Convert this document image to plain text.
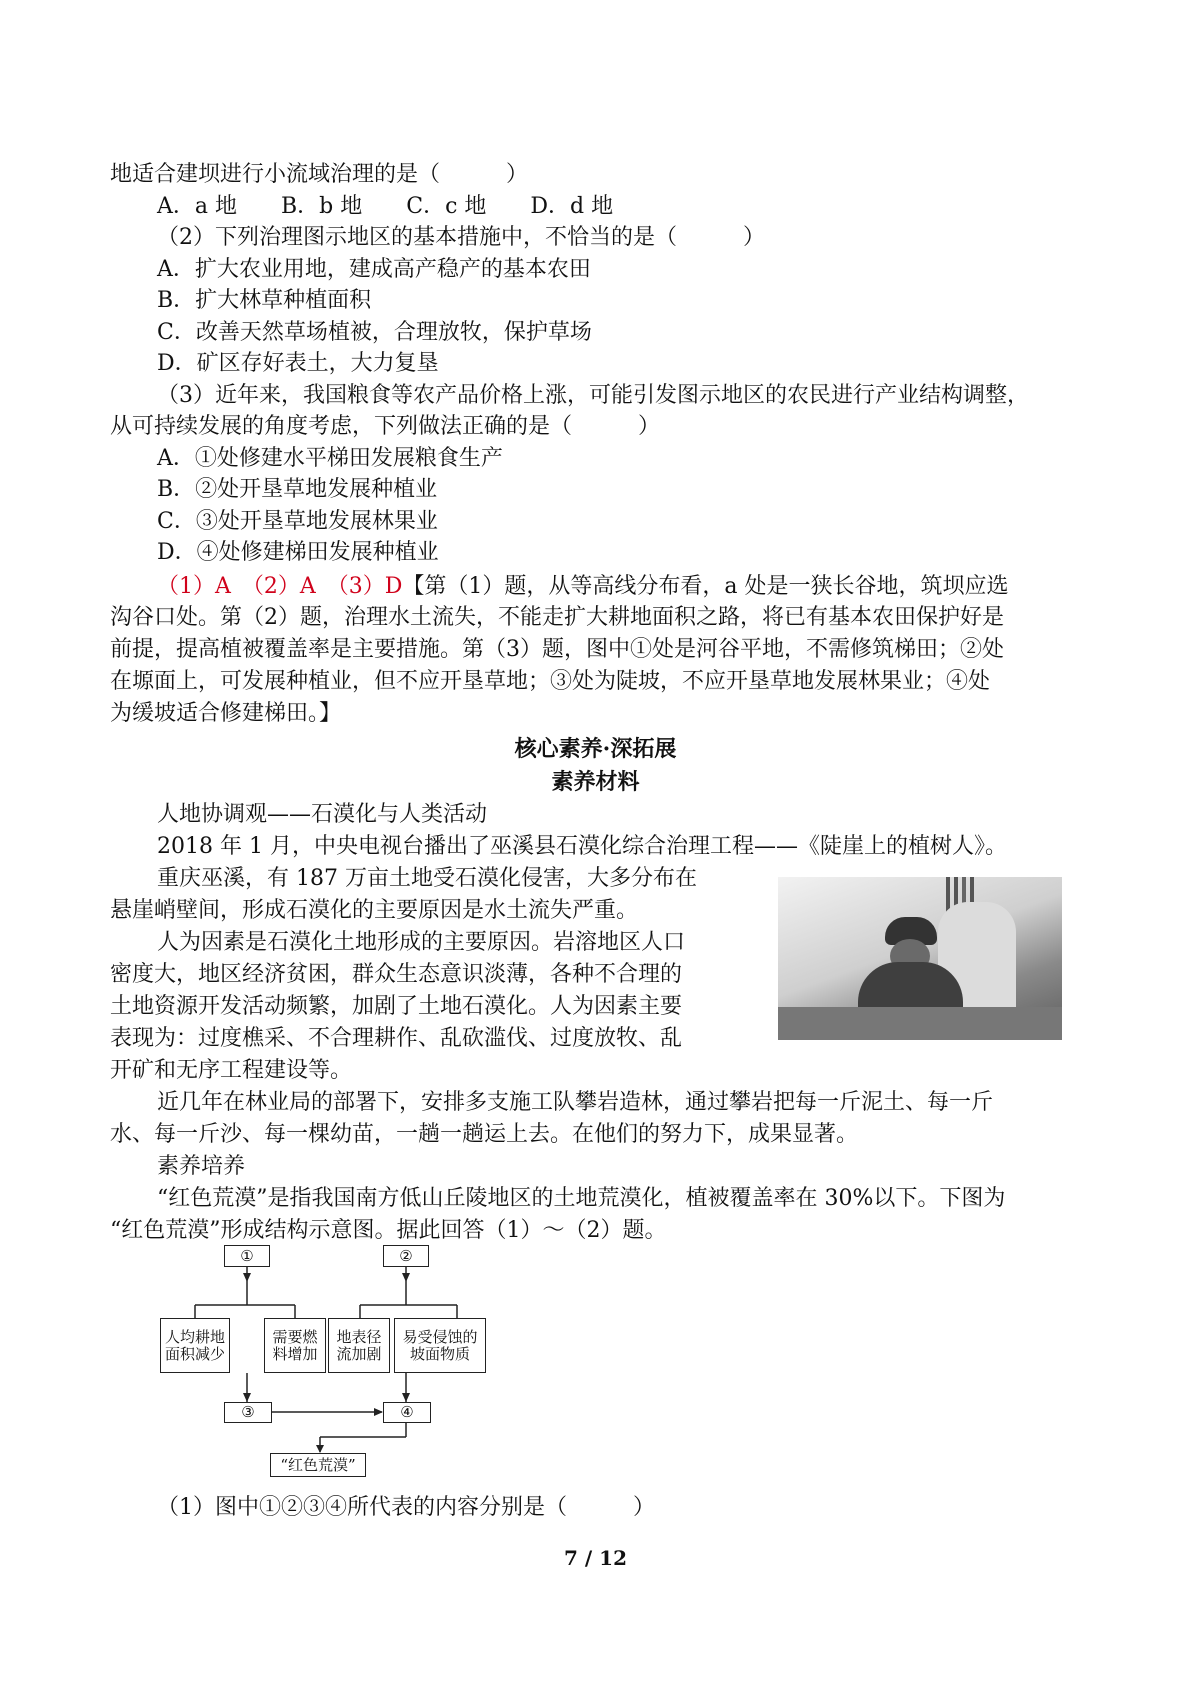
地适合建坝进行小流域治理的是（　　　）
A．a 地　　B．b 地　　C．c 地　　D．d 地
（2）下列治理图示地区的基本措施中，不恰当的是（　　　）
A．扩大农业用地，建成高产稳产的基本农田
B．扩大林草种植面积
C．改善天然草场植被，合理放牧，保护草场
D．矿区存好表土，大力复垦
（3）近年来，我国粮食等农产品价格上涨，可能引发图示地区的农民进行产业结构调整，
从可持续发展的角度考虑，下列做法正确的是（　　　）
A．①处修建水平梯田发展粮食生产
B．②处开垦草地发展种植业
C．③处开垦草地发展林果业
D．④处修建梯田发展种植业
（1）A　（2）A　（3）D【第（1）题，从等高线分布看，a 处是一狭长谷地，筑坝应选
沟谷口处。第（2）题，治理水土流失，不能走扩大耕地面积之路，将已有基本农田保护好是
前提，提高植被覆盖率是主要措施。第（3）题，图中①处是河谷平地，不需修筑梯田；②处
在塬面上，可发展种植业，但不应开垦草地；③处为陡坡，不应开垦草地发展林果业；④处
为缓坡适合修建梯田。】
核心素养·深拓展
素养材料
人地协调观——石漠化与人类活动
2018 年 1 月，中央电视台播出了巫溪县石漠化综合治理工程——《陡崖上的植树人》。
重庆巫溪，有 187 万亩土地受石漠化侵害，大多分布在
悬崖峭壁间，形成石漠化的主要原因是水土流失严重。
人为因素是石漠化土地形成的主要原因。岩溶地区人口
密度大，地区经济贫困，群众生态意识淡薄，各种不合理的
土地资源开发活动频繁，加剧了土地石漠化。人为因素主要
表现为：过度樵采、不合理耕作、乱砍滥伐、过度放牧、乱
开矿和无序工程建设等。
近几年在林业局的部署下，安排多支施工队攀岩造林，通过攀岩把每一斤泥土、每一斤
水、每一斤沙、每一棵幼苗，一趟一趟运上去。在他们的努力下，成果显著。
素养培养
“红色荒漠”是指我国南方低山丘陵地区的土地荒漠化，植被覆盖率在 30%以下。下图为
“红色荒漠”形成结构示意图。据此回答（1）～（2）题。
①	②
人均耕地
面积减少
需要燃
料增加
地表径
流加剧
易受侵蚀的
坡面物质
③	④
“红色荒漠”
（1）图中①②③④所代表的内容分别是（　　　）
7 / 12
